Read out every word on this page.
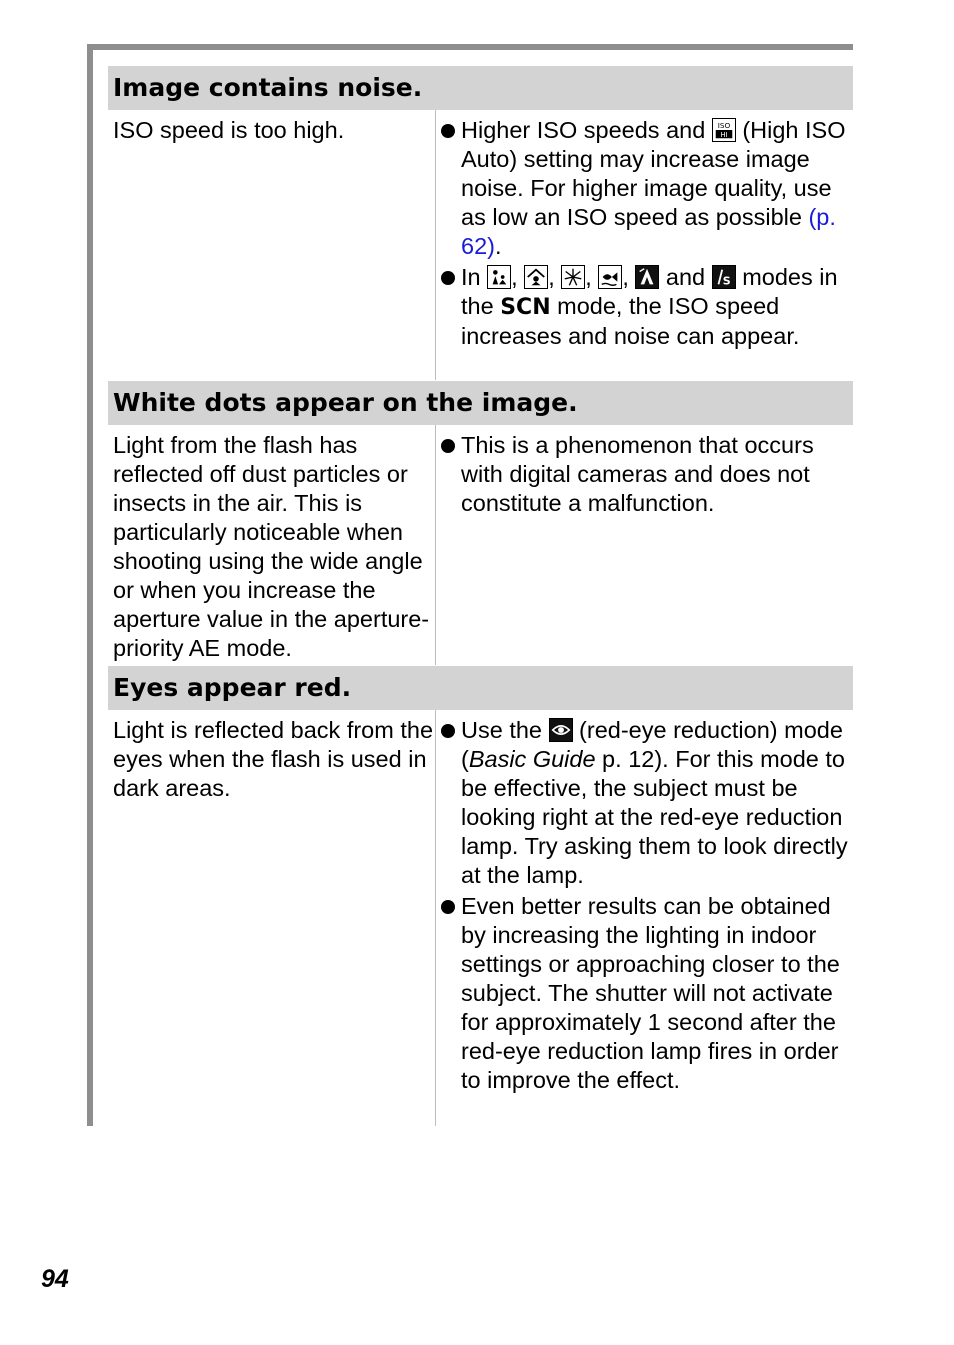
Image contains noise.
ISO speed is too high.	Higher ISO speeds and ISO
HI (High ISO Auto) setting may increase image noise. For higher image quality, use as low an ISO speed as possible (p. 62).
In
,
,
,
,
and S modes in the SCN mode, the ISO speed increases and noise can appear.
White dots appear on the image.
Light from the flash has reflected off dust particles or insects in the air. This is particularly noticeable when shooting using the wide angle or when you increase the aperture value in the aperture-priority AE mode.
This is a phenomenon that occurs with digital cameras and does not constitute a malfunction.
Eyes appear red.
Light is reflected back from the eyes when the flash is used in dark areas.
Use the
(red-eye reduction) mode (Basic Guide p. 12). For this mode to be effective, the subject must be looking right at the red-eye reduction lamp. Try asking them to look directly at the lamp.
Even better results can be obtained by increasing the lighting in indoor settings or approaching closer to the subject. The shutter will not activate for approximately 1 second after the red-eye reduction lamp fires in order to improve the effect.
94
